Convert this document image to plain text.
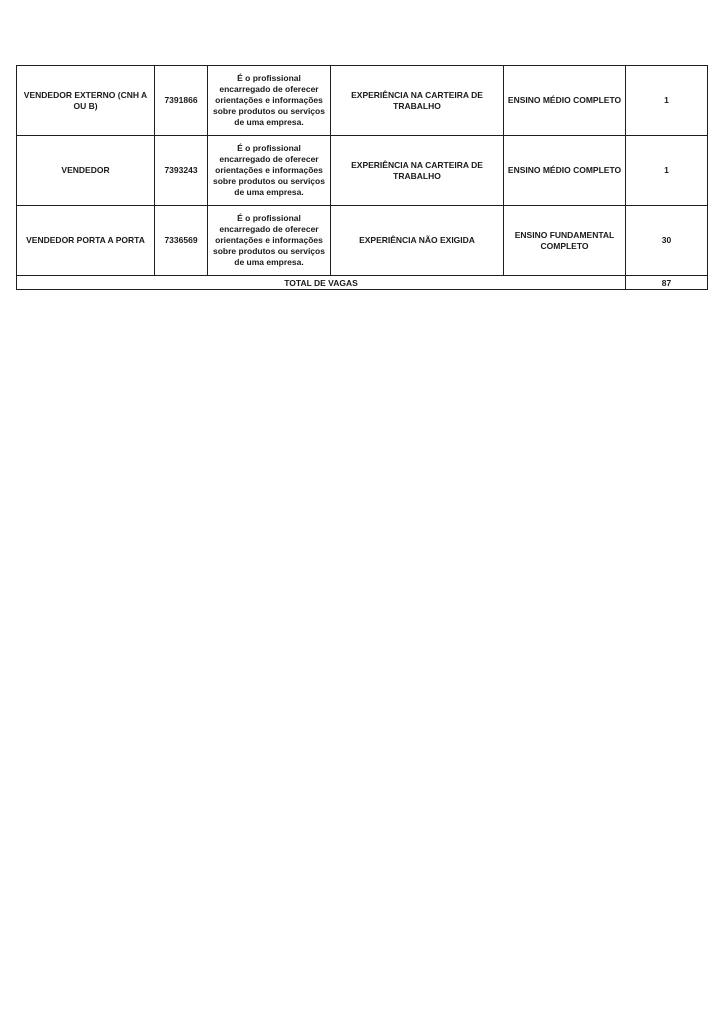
VENDEDOR EXTERNO (CNH A OU B)	7391866	É o profissional encarregado de oferecer orientações e informações sobre produtos ou serviços de uma empresa.	EXPERIÊNCIA NA CARTEIRA DE TRABALHO	ENSINO MÉDIO COMPLETO	1
VENDEDOR	7393243	É o profissional encarregado de oferecer orientações e informações sobre produtos ou serviços de uma empresa.	EXPERIÊNCIA NA CARTEIRA DE TRABALHO	ENSINO MÉDIO COMPLETO	1
VENDEDOR PORTA A PORTA	7336569	É o profissional encarregado de oferecer orientações e informações sobre produtos ou serviços de uma empresa.	EXPERIÊNCIA NÃO EXIGIDA	ENSINO FUNDAMENTAL COMPLETO	30
TOTAL DE VAGAS					87
